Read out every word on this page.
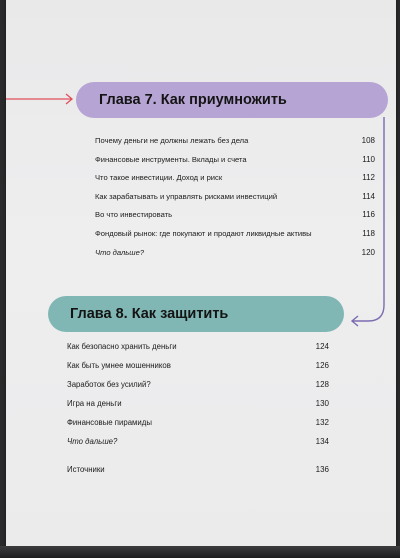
Глава 7. Как приумножить
Почему деньги не должны лежать без дела	108
Финансовые инструменты. Вклады и счета	110
Что такое инвестиции. Доход и риск	112
Как зарабатывать и управлять рисками инвестиций	114
Во что инвестировать	116
Фондовый рынок: где покупают и продают ликвидные активы	118
Что дальше?	120
Глава 8. Как защитить
Как безопасно хранить деньги	124
Как быть умнее мошенников	126
Заработок без усилий?	128
Игра на деньги	130
Финансовые пирамиды	132
Что дальше?	134
Источники	136
